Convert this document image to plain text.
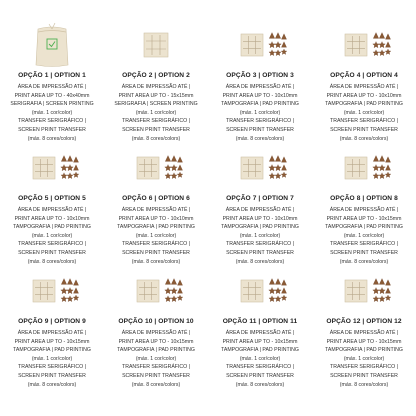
OPÇÃO 1 | OPTION 1
ÁREA DE IMPRESSÃO ATÉ |
PRINT AREA UP TO - 40x40mm
SERIGRAFIA | SCREEN PRINTING
(máx. 1 cor/color)
TRANSFER SERIGRÁFICO |
SCREEN PRINT TRANSFER
(máx. 8 cores/colors)
OPÇÃO 2 | OPTION 2
ÁREA DE IMPRESSÃO ATÉ |
PRINT AREA UP TO - 15x15mm
SERIGRAFIA | SCREEN PRINTING
(máx. 1 cor/color)
TRANSFER SERIGRÁFICO |
SCREEN PRINT TRANSFER
(máx. 8 cores/colors)
OPÇÃO 3 | OPTION 3
ÁREA DE IMPRESSÃO ATÉ |
PRINT AREA UP TO - 10x10mm
TAMPOGRAFIA | PAD PRINTING
(máx. 1 cor/color)
TRANSFER SERIGRÁFICO |
SCREEN PRINT TRANSFER
(máx. 8 cores/colors)
OPÇÃO 4 | OPTION 4
ÁREA DE IMPRESSÃO ATÉ |
PRINT AREA UP TO - 10x10mm
TAMPOGRAFIA | PAD PRINTING
(máx. 1 cor/color)
TRANSFER SERIGRÁFICO |
SCREEN PRINT TRANSFER
(máx. 8 cores/colors)
OPÇÃO 5 | OPTION 5
ÁREA DE IMPRESSÃO ATÉ |
PRINT AREA UP TO - 10x10mm
TAMPOGRAFIA | PAD PRINTING
(máx. 1 cor/color)
TRANSFER SERIGRÁFICO |
SCREEN PRINT TRANSFER
(máx. 8 cores/colors)
OPÇÃO 6 | OPTION 6
ÁREA DE IMPRESSÃO ATÉ |
PRINT AREA UP TO - 10x10mm
TAMPOGRAFIA | PAD PRINTING
(máx. 1 cor/color)
TRANSFER SERIGRÁFICO |
SCREEN PRINT TRANSFER
(máx. 8 cores/colors)
OPÇÃO 7 | OPTION 7
ÁREA DE IMPRESSÃO ATÉ |
PRINT AREA UP TO - 10x10mm
TAMPOGRAFIA | PAD PRINTING
(máx. 1 cor/color)
TRANSFER SERIGRÁFICO |
SCREEN PRINT TRANSFER
(máx. 8 cores/colors)
OPÇÃO 8 | OPTION 8
ÁREA DE IMPRESSÃO ATÉ |
PRINT AREA UP TO - 10x15mm
TAMPOGRAFIA | PAD PRINTING
(máx. 1 cor/color)
TRANSFER SERIGRÁFICO |
SCREEN PRINT TRANSFER
(máx. 8 cores/colors)
OPÇÃO 9 | OPTION 9
ÁREA DE IMPRESSÃO ATÉ |
PRINT AREA UP TO - 10x15mm
TAMPOGRAFIA | PAD PRINTING
(máx. 1 cor/color)
TRANSFER SERIGRÁFICO |
SCREEN PRINT TRANSFER
(máx. 8 cores/colors)
OPÇÃO 10 | OPTION 10
ÁREA DE IMPRESSÃO ATÉ |
PRINT AREA UP TO - 10x15mm
TAMPOGRAFIA | PAD PRINTING
(máx. 1 cor/color)
TRANSFER SERIGRÁFICO |
SCREEN PRINT TRANSFER
(máx. 8 cores/colors)
OPÇÃO 11 | OPTION 11
ÁREA DE IMPRESSÃO ATÉ |
PRINT AREA UP TO - 10x15mm
TAMPOGRAFIA | PAD PRINTING
(máx. 1 cor/color)
TRANSFER SERIGRÁFICO |
SCREEN PRINT TRANSFER
(máx. 8 cores/colors)
OPÇÃO 12 | OPTION 12
ÁREA DE IMPRESSÃO ATÉ |
PRINT AREA UP TO - 10x15mm
TAMPOGRAFIA | PAD PRINTING
(máx. 1 cor/color)
TRANSFER SERIGRÁFICO |
SCREEN PRINT TRANSFER
(máx. 8 cores/colors)
